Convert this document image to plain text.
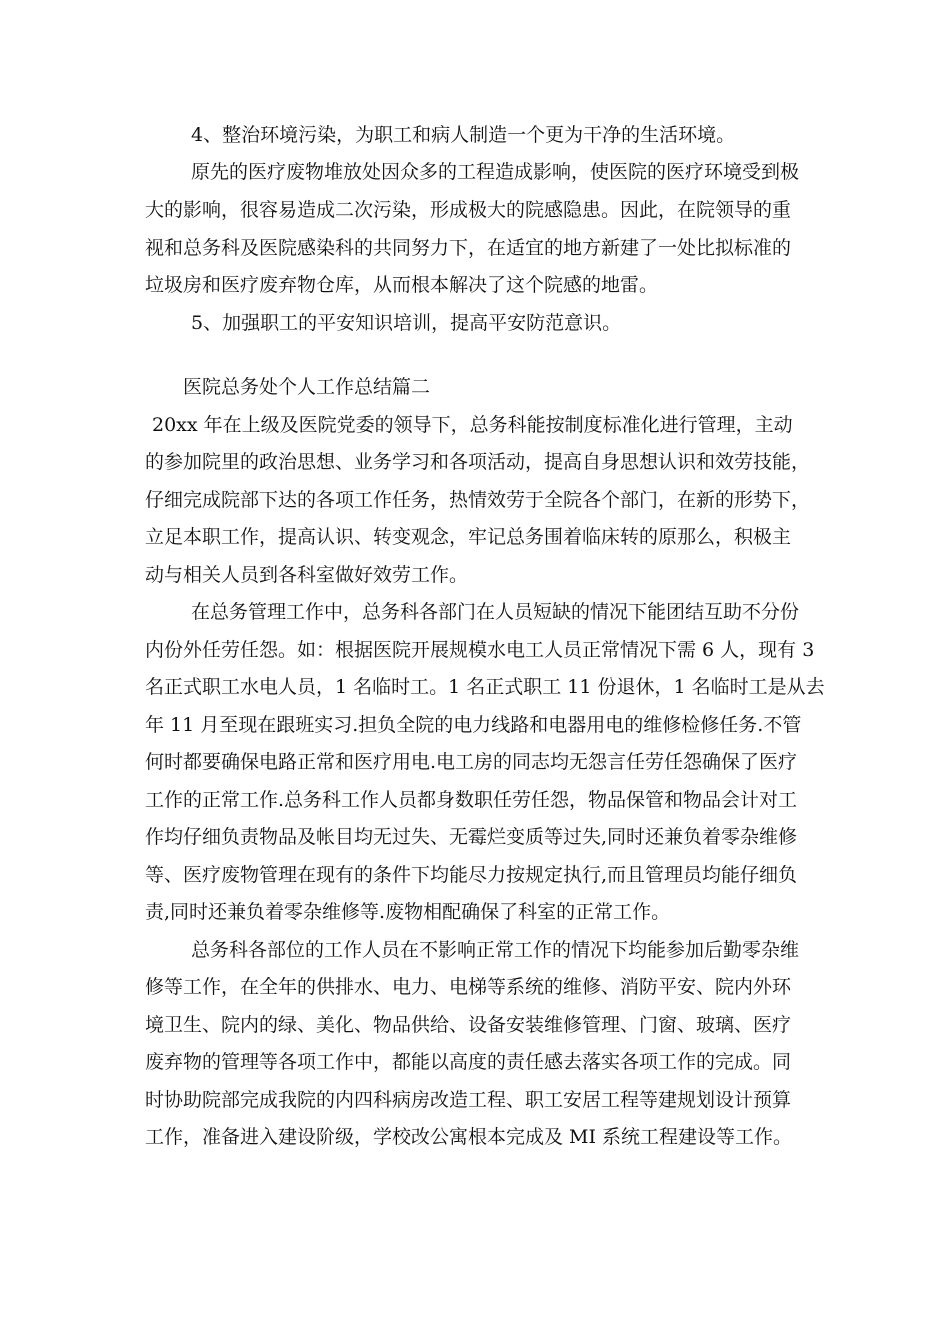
4、整治环境污染，为职工和病人制造一个更为干净的生活环境。

原先的医疗废物堆放处因众多的工程造成影响，使医院的医疗环境受到极

大的影响，很容易造成二次污染，形成极大的院感隐患。因此，在院领导的重

视和总务科及医院感染科的共同努力下，在适宜的地方新建了一处比拟标准的

垃圾房和医疗废弃物仓库，从而根本解决了这个院感的地雷。

5、加强职工的平安知识培训，提高平安防范意识。

医院总务处个人工作总结篇二

20xx 年在上级及医院党委的领导下，总务科能按制度标准化进行管理，主动

的参加院里的政治思想、业务学习和各项活动，提高自身思想认识和效劳技能，

仔细完成院部下达的各项工作任务，热情效劳于全院各个部门，在新的形势下，

立足本职工作，提高认识、转变观念，牢记总务围着临床转的原那么，积极主

动与相关人员到各科室做好效劳工作。

在总务管理工作中，总务科各部门在人员短缺的情况下能团结互助不分份

内份外任劳任怨。如：根据医院开展规模水电工人员正常情况下需 6 人，现有 3

名正式职工水电人员，1 名临时工。1 名正式职工 11 份退休，1 名临时工是从去

年 11 月至现在跟班实习.担负全院的电力线路和电器用电的维修检修任务.不管

何时都要确保电路正常和医疗用电.电工房的同志均无怨言任劳任怨确保了医疗

工作的正常工作.总务科工作人员都身数职任劳任怨，物品保管和物品会计对工

作均仔细负责物品及帐目均无过失、无霉烂变质等过失,同时还兼负着零杂维修

等、医疗废物管理在现有的条件下均能尽力按规定执行,而且管理员均能仔细负

责,同时还兼负着零杂维修等.废物相配确保了科室的正常工作。

总务科各部位的工作人员在不影响正常工作的情况下均能参加后勤零杂维

修等工作，在全年的供排水、电力、电梯等系统的维修、消防平安、院内外环

境卫生、院内的绿、美化、物品供给、设备安装维修管理、门窗、玻璃、医疗

废弃物的管理等各项工作中，都能以高度的责任感去落实各项工作的完成。同

时协助院部完成我院的内四科病房改造工程、职工安居工程等建规划设计预算

工作，准备进入建设阶级，学校改公寓根本完成及 MI 系统工程建设等工作。
